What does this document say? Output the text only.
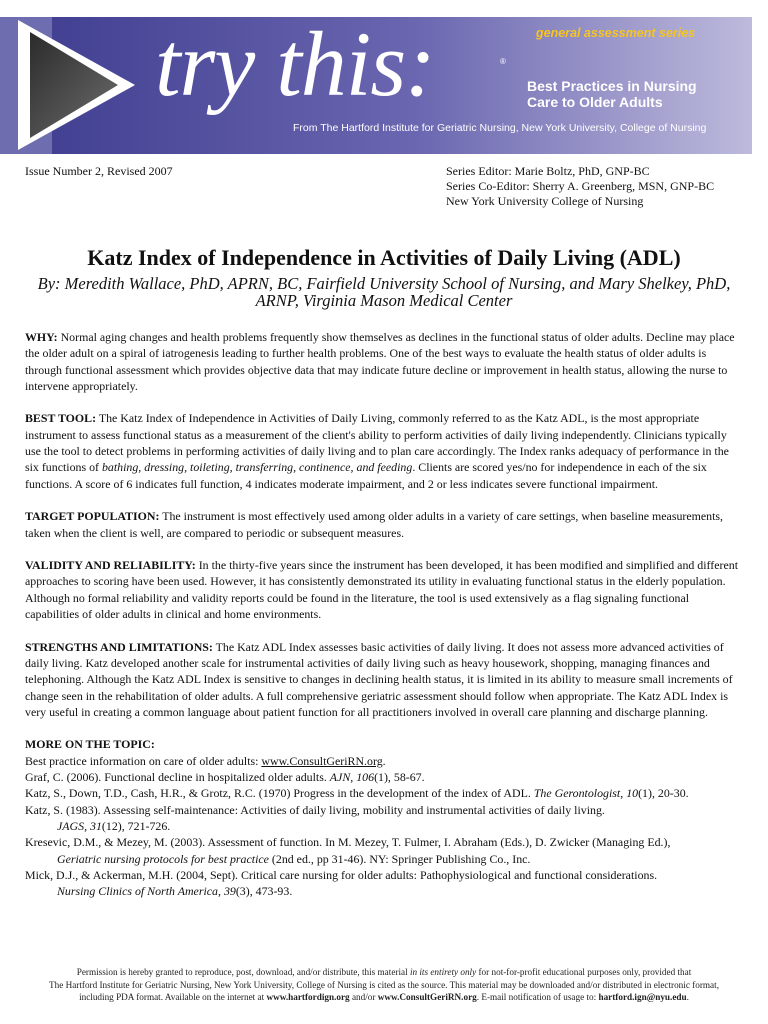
general assessment series
try this:	®
Best Practices in Nursing
Care to Older Adults
From The Hartford Institute for Geriatric Nursing, New York University, College of Nursing
Issue Number 2, Revised 2007	Series Editor: Marie Boltz, PhD, GNP-BC
Series Co-Editor: Sherry A. Greenberg, MSN, GNP-BC
New York University College of Nursing
Katz Index of Independence in Activities of Daily Living (ADL)
By: Meredith Wallace, PhD, APRN, BC, Fairfield University School of Nursing, and Mary Shelkey, PhD,
ARNP, Virginia Mason Medical Center

WHY: Normal aging changes and health problems frequently show themselves as declines in the functional status of older adults. Decline may place the older adult on a spiral of iatrogenesis leading to further health problems. One of the best ways to evaluate the health status of older adults is through functional assessment which provides objective data that may indicate future decline or improvement in health status, allowing the nurse to intervene appropriately.

BEST TOOL: The Katz Index of Independence in Activities of Daily Living, commonly referred to as the Katz ADL, is the most appropriate instrument to assess functional status as a measurement of the client's ability to perform activities of daily living independently. Clinicians typically use the tool to detect problems in performing activities of daily living and to plan care accordingly. The Index ranks adequacy of performance in the six functions of bathing, dressing, toileting, transferring, continence, and feeding. Clients are scored yes/no for independence in each of the six functions. A score of 6 indicates full function, 4 indicates moderate impairment, and 2 or less indicates severe functional impairment.

TARGET POPULATION: The instrument is most effectively used among older adults in a variety of care settings, when baseline measurements, taken when the client is well, are compared to periodic or subsequent measures.

VALIDITY AND RELIABILITY: In the thirty-five years since the instrument has been developed, it has been modified and simplified and different approaches to scoring have been used. However, it has consistently demonstrated its utility in evaluating functional status in the elderly population. Although no formal reliability and validity reports could be found in the literature, the tool is used extensively as a flag signaling functional capabilities of older adults in clinical and home environments.

STRENGTHS AND LIMITATIONS: The Katz ADL Index assesses basic activities of daily living. It does not assess more advanced activities of daily living. Katz developed another scale for instrumental activities of daily living such as heavy housework, shopping, managing finances and telephoning. Although the Katz ADL Index is sensitive to changes in declining health status, it is limited in its ability to measure small increments of change seen in the rehabilitation of older adults. A full comprehensive geriatric assessment should follow when appropriate. The Katz ADL Index is very useful in creating a common language about patient function for all practitioners involved in overall care planning and discharge planning.

MORE ON THE TOPIC:
Best practice information on care of older adults: www.ConsultGeriRN.org.
Graf, C. (2006). Functional decline in hospitalized older adults. AJN, 106(1), 58-67.
Katz, S., Down, T.D., Cash, H.R., & Grotz, R.C. (1970) Progress in the development of the index of ADL. The Gerontologist, 10(1), 20-30.
Katz, S. (1983). Assessing self-maintenance: Activities of daily living, mobility and instrumental activities of daily living.
JAGS, 31(12), 721-726.
Kresevic, D.M., & Mezey, M. (2003). Assessment of function. In M. Mezey, T. Fulmer, I. Abraham (Eds.), D. Zwicker (Managing Ed.),
Geriatric nursing protocols for best practice (2nd ed., pp 31-46). NY: Springer Publishing Co., Inc.
Mick, D.J., & Ackerman, M.H. (2004, Sept). Critical care nursing for older adults: Pathophysiological and functional considerations.
Nursing Clinics of North America, 39(3), 473-93.
Permission is hereby granted to reproduce, post, download, and/or distribute, this material in its entirety only for not-for-profit educational purposes only, provided that
The Hartford Institute for Geriatric Nursing, New York University, College of Nursing is cited as the source. This material may be downloaded and/or distributed in electronic format,
including PDA format. Available on the internet at www.hartfordign.org and/or www.ConsultGeriRN.org. E-mail notification of usage to: hartford.ign@nyu.edu.
